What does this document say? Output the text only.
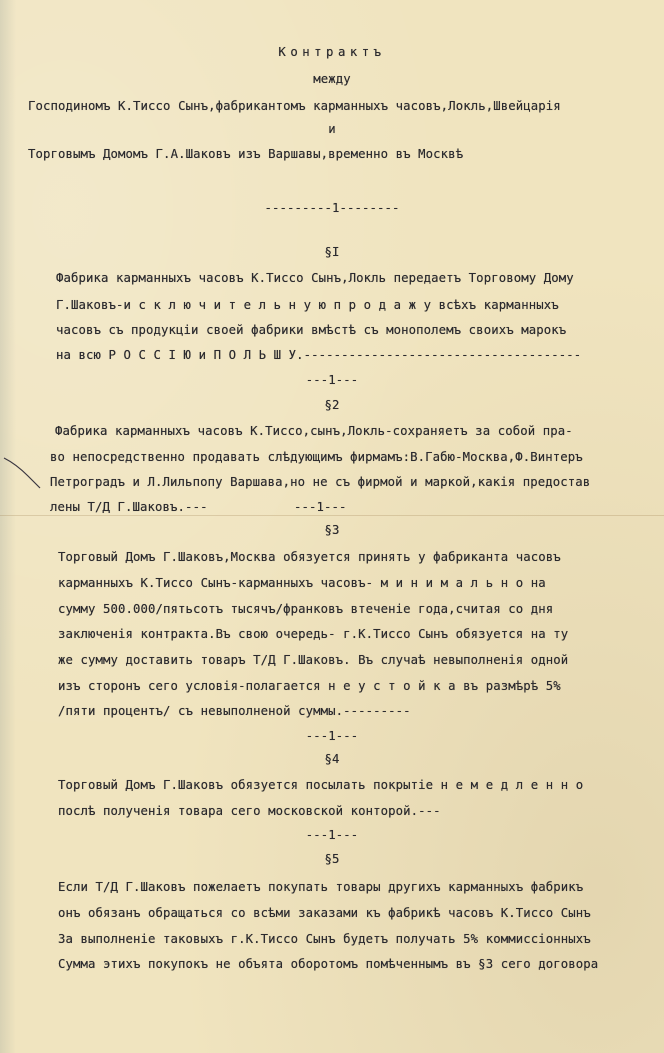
Контрактъ
между
Господиномъ К.Тиссо Сынъ,фабрикантомъ карманныхъ часовъ,Локль,Швейцарія
и
Торговымъ Домомъ Г.А.Шаковъ изъ Варшавы,временно въ Москвѣ
---------1--------
§I
Фабрика карманныхъ часовъ К.Тиссо Сынъ,Локль передаетъ Торговому Дому
Г.Шаковъ-и с к л ю ч и т е л ь н у ю п р о д а ж у всѣхъ карманныхъ
часовъ съ продукціи своей фабрики вмѣстѣ съ монополемъ своихъ марокъ
на всю Р О С С І Ю и П О Л Ь Ш У.-------------------------------------
---1---
§2
Фабрика карманныхъ часовъ К.Тиссо,сынъ,Локль-сохраняетъ за собой пра-
во непосредственно продавать слѣдующимъ фирмамъ:В.Габю-Москва,Ф.Винтеръ
Петроградъ и Л.Лильпопу Варшава,но не съ фирмой и маркой,какія предостав
лены Т/Д Г.Шаковъ.---	---1---
§3
Торговый Домъ Г.Шаковъ,Москва обязуется принять у фабриканта часовъ
карманныхъ К.Тиссо Сынъ-карманныхъ часовъ- м и н и м а л ь н о на
сумму 500.000/пятьсотъ тысячъ/франковъ втеченіе года,считая со дня
заключенія контракта.Въ свою очередь- г.К.Тиссо Сынъ обязуется на ту
же сумму доставить товаръ Т/Д Г.Шаковъ. Въ случаѣ невыполненія одной
изъ сторонъ сего условія-полагается н е у с т о й к а въ размѣрѣ 5%
/пяти процентъ/ съ невыполненой суммы.---------
---1---
§4
Торговый Домъ Г.Шаковъ обязуется посылать покрытіе н е м е д л е н н о
послѣ полученія товара сего московской конторой.---
---1---
§5
Если Т/Д Г.Шаковъ пожелаетъ покупать товары другихъ карманныхъ фабрикъ
онъ обязанъ обращаться со всѣми заказами къ фабрикѣ часовъ К.Тиссо Сынъ
За выполненіе таковыхъ г.К.Тиссо Сынъ будетъ получать 5% коммиссіонныхъ
Сумма этихъ покупокъ не объята оборотомъ помѣченнымъ въ §3 сего договора
